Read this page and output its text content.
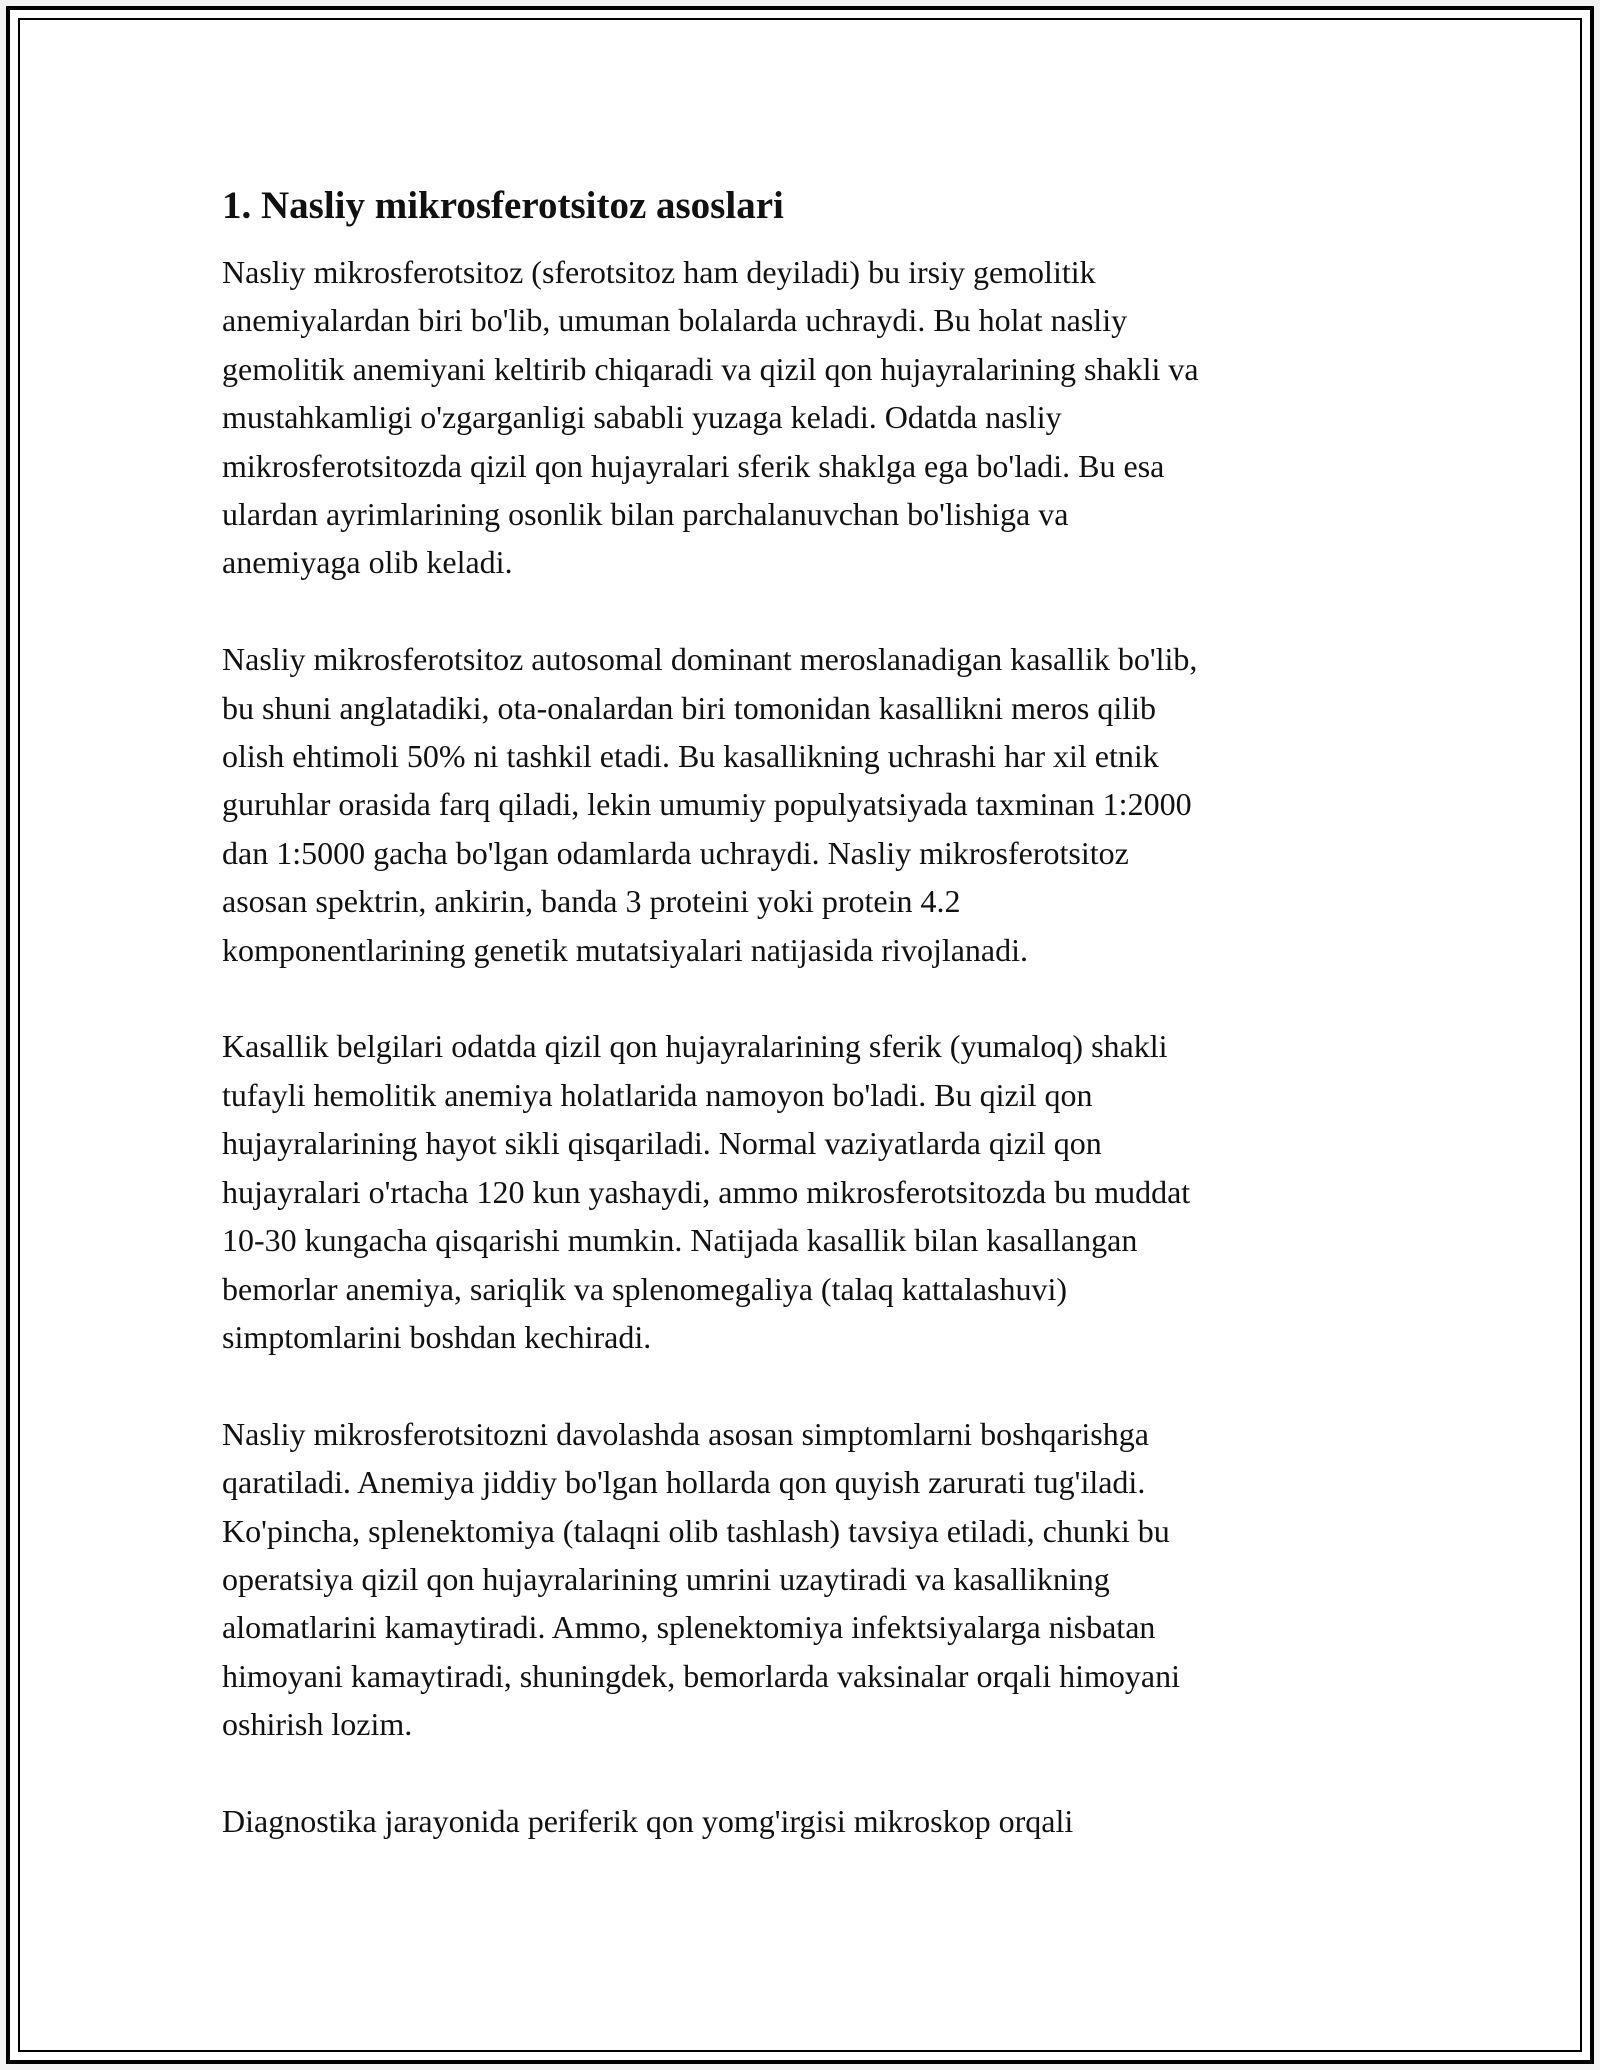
1. Nasliy mikrosferotsitoz asoslari

Nasliy mikrosferotsitoz (sferotsitoz ham deyiladi) bu irsiy gemolitik
anemiyalardan biri bo'lib, umuman bolalarda uchraydi. Bu holat nasliy
gemolitik anemiyani keltirib chiqaradi va qizil qon hujayralarining shakli va
mustahkamligi o'zgarganligi sababli yuzaga keladi. Odatda nasliy
mikrosferotsitozda qizil qon hujayralari sferik shaklga ega bo'ladi. Bu esa
ulardan ayrimlarining osonlik bilan parchalanuvchan bo'lishiga va
anemiyaga olib keladi.

Nasliy mikrosferotsitoz autosomal dominant meroslanadigan kasallik bo'lib,
bu shuni anglatadiki, ota-onalardan biri tomonidan kasallikni meros qilib
olish ehtimoli 50% ni tashkil etadi. Bu kasallikning uchrashi har xil etnik
guruhlar orasida farq qiladi, lekin umumiy populyatsiyada taxminan 1:2000
dan 1:5000 gacha bo'lgan odamlarda uchraydi. Nasliy mikrosferotsitoz
asosan spektrin, ankirin, banda 3 proteini yoki protein 4.2
komponentlarining genetik mutatsiyalari natijasida rivojlanadi.

Kasallik belgilari odatda qizil qon hujayralarining sferik (yumaloq) shakli
tufayli hemolitik anemiya holatlarida namoyon bo'ladi. Bu qizil qon
hujayralarining hayot sikli qisqariladi. Normal vaziyatlarda qizil qon
hujayralari o'rtacha 120 kun yashaydi, ammo mikrosferotsitozda bu muddat
10-30 kungacha qisqarishi mumkin. Natijada kasallik bilan kasallangan
bemorlar anemiya, sariqlik va splenomegaliya (talaq kattalashuvi)
simptomlarini boshdan kechiradi.

Nasliy mikrosferotsitozni davolashda asosan simptomlarni boshqarishga
qaratiladi. Anemiya jiddiy bo'lgan hollarda qon quyish zarurati tug'iladi.
Ko'pincha, splenektomiya (talaqni olib tashlash) tavsiya etiladi, chunki bu
operatsiya qizil qon hujayralarining umrini uzaytiradi va kasallikning
alomatlarini kamaytiradi. Ammo, splenektomiya infektsiyalarga nisbatan
himoyani kamaytiradi, shuningdek, bemorlarda vaksinalar orqali himoyani
oshirish lozim.

Diagnostika jarayonida periferik qon yomg'irgisi mikroskop orqali
